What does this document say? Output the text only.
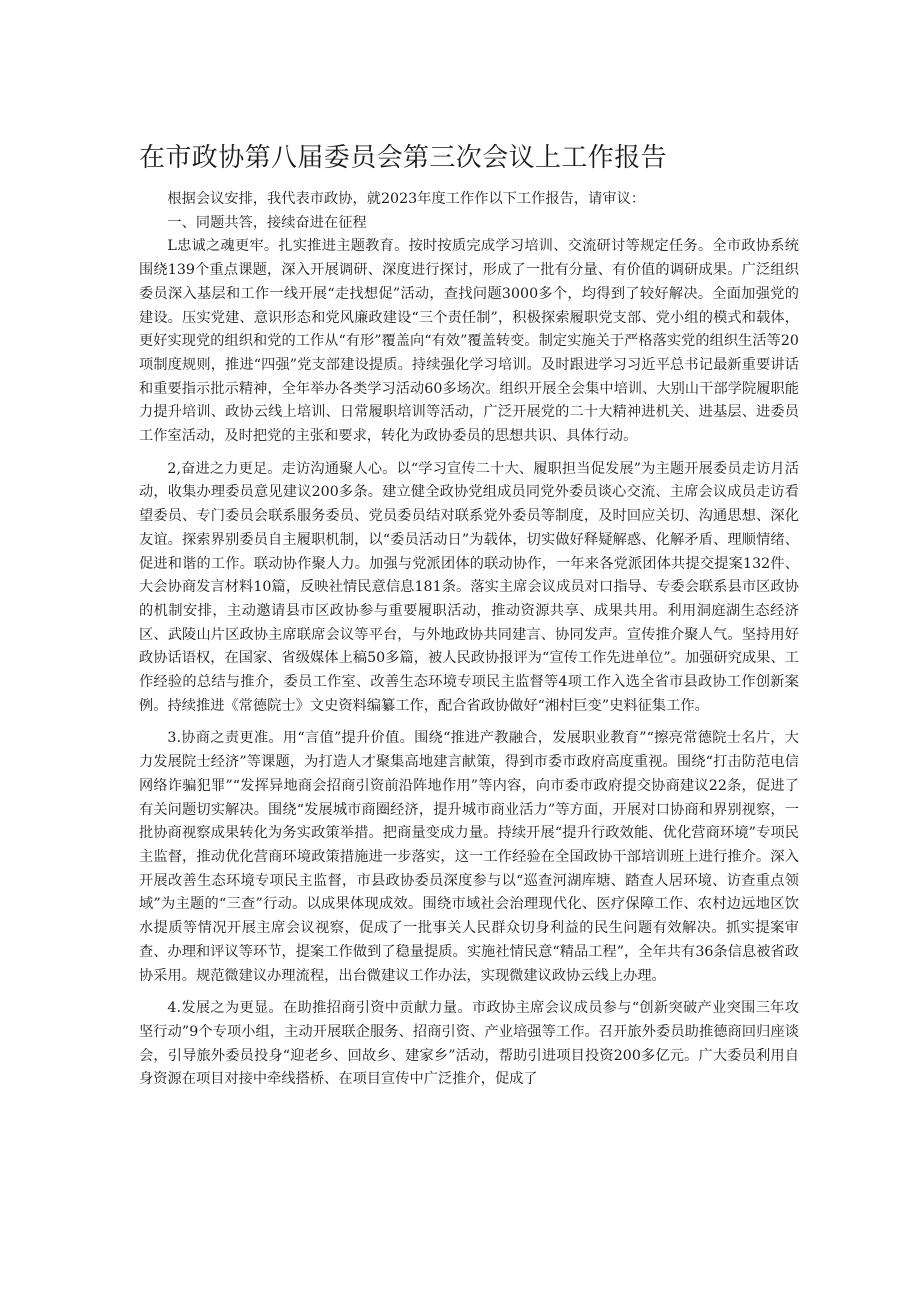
在市政协第八届委员会第三次会议上工作报告

根据会议安排，我代表市政协，就2023年度工作作以下工作报告，请审议：

一、同题共答，接续奋进在征程

L忠诚之魂更牢。扎实推进主题教育。按时按质完成学习培训、交流研讨等规定任务。全市政协系统围绕139个重点课题，深入开展调研、深度进行探讨，形成了一批有分量、有价值的调研成果。广泛组织委员深入基层和工作一线开展“走找想促”活动，查找问题3000多个，均得到了较好解决。全面加强党的建设。压实党建、意识形态和党风廉政建设“三个责任制”，积极探索履职党支部、党小组的模式和载体，更好实现党的组织和党的工作从“有形”覆盖向“有效”覆盖转变。制定实施关于严格落实党的组织生活等20项制度规则，推进“四强”党支部建设提质。持续强化学习培训。及时跟进学习习近平总书记最新重要讲话和重要指示批示精神，全年举办各类学习活动60多场次。组织开展全会集中培训、大别山干部学院履职能力提升培训、政协云线上培训、日常履职培训等活动，广泛开展党的二十大精神进机关、进基层、进委员工作室活动，及时把党的主张和要求，转化为政协委员的思想共识、具体行动。

2,奋进之力更足。走访沟通聚人心。以“学习宣传二十大、履职担当促发展”为主题开展委员走访月活动，收集办理委员意见建议200多条。建立健全政协党组成员同党外委员谈心交流、主席会议成员走访看望委员、专门委员会联系服务委员、党员委员结对联系党外委员等制度，及时回应关切、沟通思想、深化友谊。探索界别委员自主履职机制，以“委员活动日”为载体，切实做好释疑解惑、化解矛盾、理顺情绪、促进和谐的工作。联动协作聚人力。加强与党派团体的联动协作，一年来各党派团体共提交提案132件、大会协商发言材料10篇，反映社情民意信息181条。落实主席会议成员对口指导、专委会联系县市区政协的机制安排，主动邀请县市区政协参与重要履职活动，推动资源共享、成果共用。利用洞庭湖生态经济区、武陵山片区政协主席联席会议等平台，与外地政协共同建言、协同发声。宣传推介聚人气。坚持用好政协话语权，在国家、省级媒体上稿50多篇，被人民政协报评为“宣传工作先进单位”。加强研究成果、工作经验的总结与推介，委员工作室、改善生态环境专项民主监督等4项工作入选全省市县政协工作创新案例。持续推进《常德院士》文史资料编纂工作，配合省政协做好“湘村巨变”史料征集工作。

3.协商之责更准。用“言值”提升价值。围绕“推进产教融合，发展职业教育”“擦亮常德院士名片，大力发展院士经济”等课题，为打造人才聚集高地建言献策，得到市委市政府高度重视。围绕“打击防范电信网络诈骗犯罪”“发挥异地商会招商引资前沿阵地作用”等内容，向市委市政府提交协商建议22条，促进了有关问题切实解决。围绕“发展城市商圈经济，提升城市商业活力”等方面，开展对口协商和界别视察，一批协商视察成果转化为务实政策举措。把商量变成力量。持续开展“提升行政效能、优化营商环境”专项民主监督，推动优化营商环境政策措施进一步落实，这一工作经验在全国政协干部培训班上进行推介。深入开展改善生态环境专项民主监督，市县政协委员深度参与以“巡查河湖库塘、踏查人居环境、访查重点领域”为主题的“三查”行动。以成果体现成效。围绕市域社会治理现代化、医疗保障工作、农村边远地区饮水提质等情况开展主席会议视察，促成了一批事关人民群众切身利益的民生问题有效解决。抓实提案审查、办理和评议等环节，提案工作做到了稳量提质。实施社情民意“精品工程”，全年共有36条信息被省政协采用。规范微建议办理流程，出台微建议工作办法，实现微建议政协云线上办理。

4.发展之为更显。在助推招商引资中贡献力量。市政协主席会议成员参与“创新突破产业突围三年攻坚行动”9个专项小组，主动开展联企服务、招商引资、产业培强等工作。召开旅外委员助推德商回归座谈会，引导旅外委员投身“迎老乡、回故乡、建家乡”活动，帮助引进项目投资200多亿元。广大委员利用自身资源在项目对接中牵线搭桥、在项目宣传中广泛推介，促成了
